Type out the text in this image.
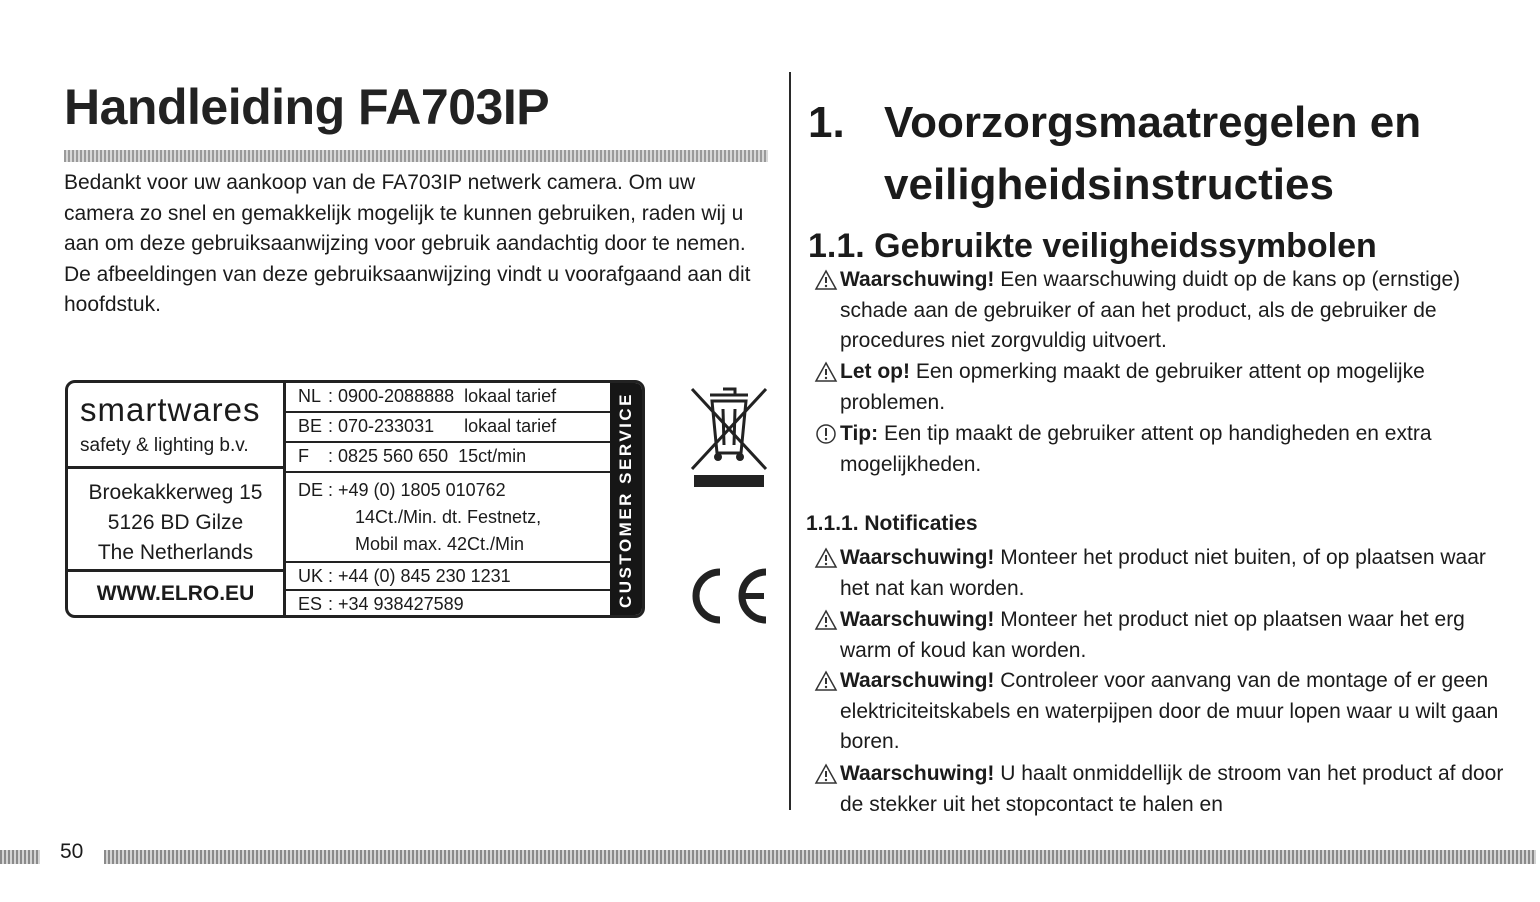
Handleiding FA703IP

Bedankt voor uw aankoop van de FA703IP netwerk camera. Om uw camera zo snel en gemakkelijk mogelijk te kunnen gebruiken, raden wij u aan om deze gebruiksaanwijzing voor gebruik aandachtig door te nemen.

De afbeeldingen van deze gebruiksaanwijzing vindt u voorafgaand aan dit hoofdstuk.

smartwares
safety & lighting b.v.
Broekakkerweg 15
5126 BD Gilze
The Netherlands
WWW.ELRO.EU
NL : 0900-2088888 lokaal tarief
BE : 070-233031 lokaal tarief
F : 0825 560 650 15ct/min
DE : +49 (0) 1805 010762
14Ct./Min. dt. Festnetz,
Mobil max. 42Ct./Min
UK : +44 (0) 845 230 1231
ES : +34 938427589	CUSTOMER SERVICE
1. Voorzorgsmaatregelen en
veiligheidsinstructies
1.1. Gebruikte veiligheidssymbolen
Waarschuwing! Een waarschuwing duidt op de kans op (ernstige) schade aan de gebruiker of aan het product, als de gebruiker de procedures niet zorgvuldig uitvoert.
Let op! Een opmerking maakt de gebruiker attent op mogelijke problemen.
Tip: Een tip maakt de gebruiker attent op handigheden en extra mogelijkheden.
1.1.1. Notificaties
Waarschuwing! Monteer het product niet buiten, of op plaatsen waar het nat kan worden.
Waarschuwing! Monteer het product niet op plaatsen waar het erg warm of koud kan worden.
Waarschuwing! Controleer voor aanvang van de montage of er geen elektriciteitskabels en waterpijpen door de muur lopen waar u wilt gaan boren.
Waarschuwing! U haalt onmiddellijk de stroom van het product af door de stekker uit het stopcontact te halen en
50
